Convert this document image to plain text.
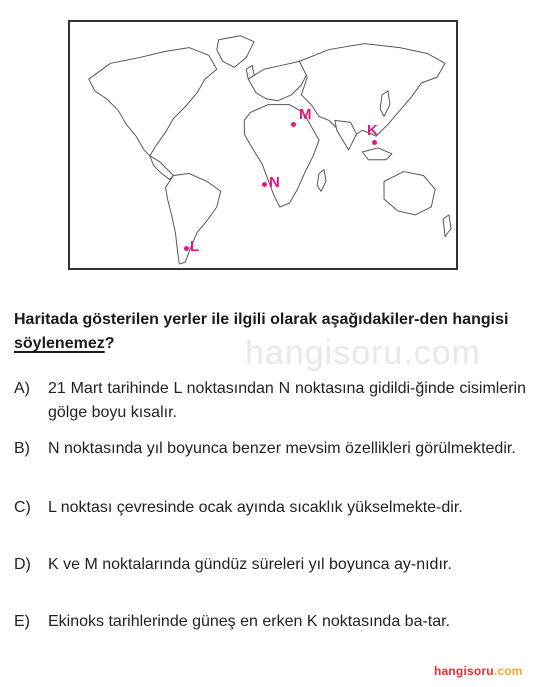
M
K
N
L
hangisoru.com
Haritada gösterilen yerler ile ilgili olarak aşağıdakiler-den hangisi söylenemez?
A) 21 Mart tarihinde L noktasından N noktasına gidildi-ğinde cisimlerin gölge boyu kısalır.
B) N noktasında yıl boyunca benzer mevsim özellikleri görülmektedir.
C) L noktası çevresinde ocak ayında sıcaklık yükselmekte-dir.
D) K ve M noktalarında gündüz süreleri yıl boyunca ay-nıdır.
E) Ekinoks tarihlerinde güneş en erken K noktasında ba-tar.
hangisoru.com
